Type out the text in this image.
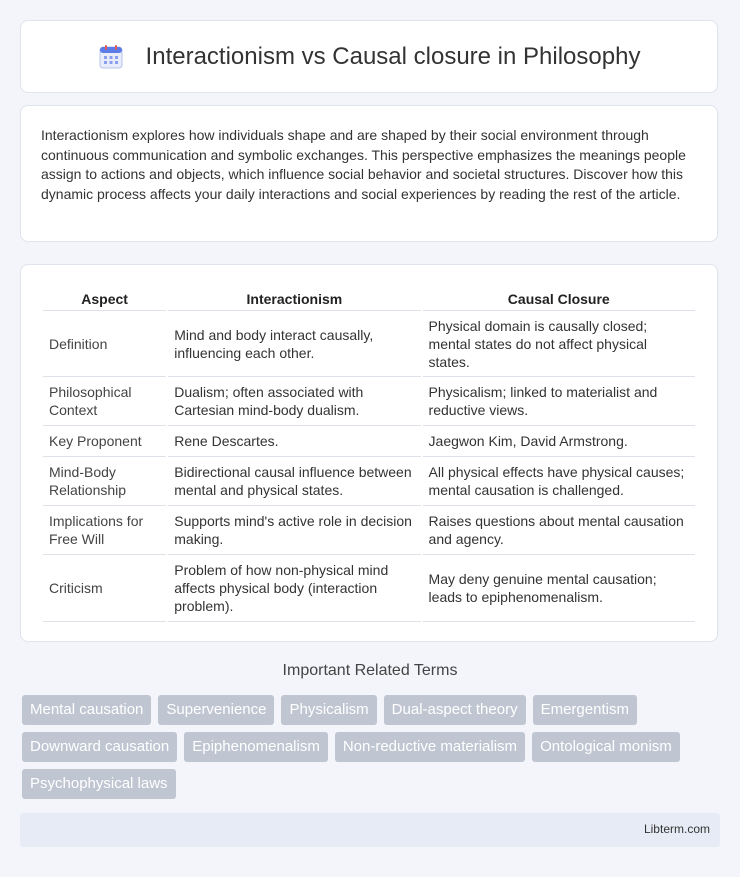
Interactionism vs Causal closure in Philosophy

Interactionism explores how individuals shape and are shaped by their social environment through continuous communication and symbolic exchanges. This perspective emphasizes the meanings people assign to actions and objects, which influence social behavior and societal structures. Discover how this dynamic process affects your daily interactions and social experiences by reading the rest of the article.

Aspect	Interactionism	Causal Closure
Definition	Mind and body interact causally, influencing each other.	Physical domain is causally closed; mental states do not affect physical states.
Philosophical Context	Dualism; often associated with Cartesian mind-body dualism.	Physicalism; linked to materialist and reductive views.
Key Proponent	Rene Descartes.	Jaegwon Kim, David Armstrong.
Mind-Body Relationship	Bidirectional causal influence between mental and physical states.	All physical effects have physical causes; mental causation is challenged.
Implications for Free Will	Supports mind's active role in decision making.	Raises questions about mental causation and agency.
Criticism	Problem of how non-physical mind affects physical body (interaction problem).	May deny genuine mental causation; leads to epiphenomenalism.
Important Related Terms
Mental causation	Supervenience	Physicalism	Dual-aspect theory	Emergentism
Downward causation	Epiphenomenalism	Non-reductive materialism	Ontological monism
Psychophysical laws
Libterm.com
